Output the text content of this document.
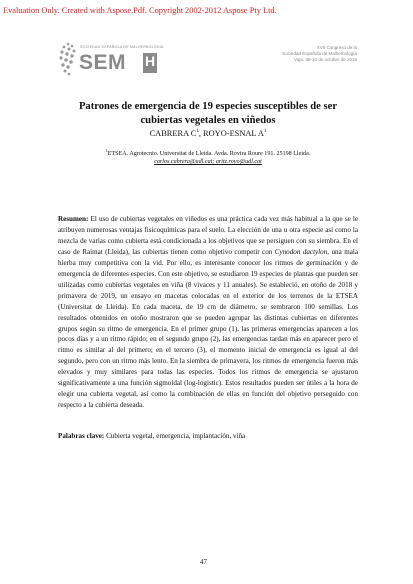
Evaluation Only. Created with Aspose.Pdf. Copyright 2002-2012 Aspose Pty Ltd.
SOCIEDAD ESPAÑOLA DE MALHERBOLOGIA
SEM H
XVII Congreso de la
Sociedad Española de Malherbología
Vigo, 08-10 de octubre de 2019
Patrones de emergencia de 19 especies susceptibles de ser cubiertas vegetales en viñedos
CABRERA $C^1$, ROYO-ESNAL $A^1$
$^1$ETSEA. Agrotecnio. Universitat de Lleida. Avda. Rovira Roure 191. 25198 Lleida.
carlos.cabrera@udl.cat; aritz.royo@udl.cat
Resumen: El uso de cubiertas vegetales en viñedos es una práctica cada vez más habitual a la que se le atribuyen numerosas ventajas fisicoquímicas para el suelo. La elección de una u otra especie así como la mezcla de varias como cubierta está condicionada a los objetivos que se persiguen con su siembra. En el caso de Raimat (Lleida), las cubiertas tienen como objetivo competir con Cynodon dactylon, una mala hierba muy competitiva con la vid. Por ello, es interesante conocer los ritmos de germinación y de emergencia de diferentes especies. Con este objetivo, se estudiaron 19 especies de plantas que pueden ser utilizadas como cubiertas vegetales en viña (8 vivaces y 11 anuales). Se estableció, en otoño de 2018 y primavera de 2019, un ensayo en macetas colocadas en el exterior de los terrenos de la ETSEA (Universitat de Lleida). En cada maceta, de 19 cm de diámetro, se sembraron 100 semillas. Los resultados obtenidos en otoño mostraron que se pueden agrupar las distintas cubiertas en diferentes grupos según su ritmo de emergencia. En el primer grupo (1), las primeras emergencias aparecen a los pocos días y a un ritmo rápido; en el segundo grupo (2), las emergencias tardan más en aparecer pero el ritmo es similar al del primero; en el tercero (3), el momento inicial de emergencia es igual al del segundo, pero con un ritmo más lento. En la siembra de primavera, los ritmos de emergencia fueron más elevados y muy similares para todas las especies. Todos los ritmos de emergencia se ajustaron significativamente a una función sigmoidal (log-logistic). Estos resultados pueden ser útiles a la hora de elegir una cubierta vegetal, así como la combinación de ellas en función del objetivo perseguido con respecto a la cubierta deseada.
Palabras clave: Cubierta vegetal, emergencia, implantación, viña
47
